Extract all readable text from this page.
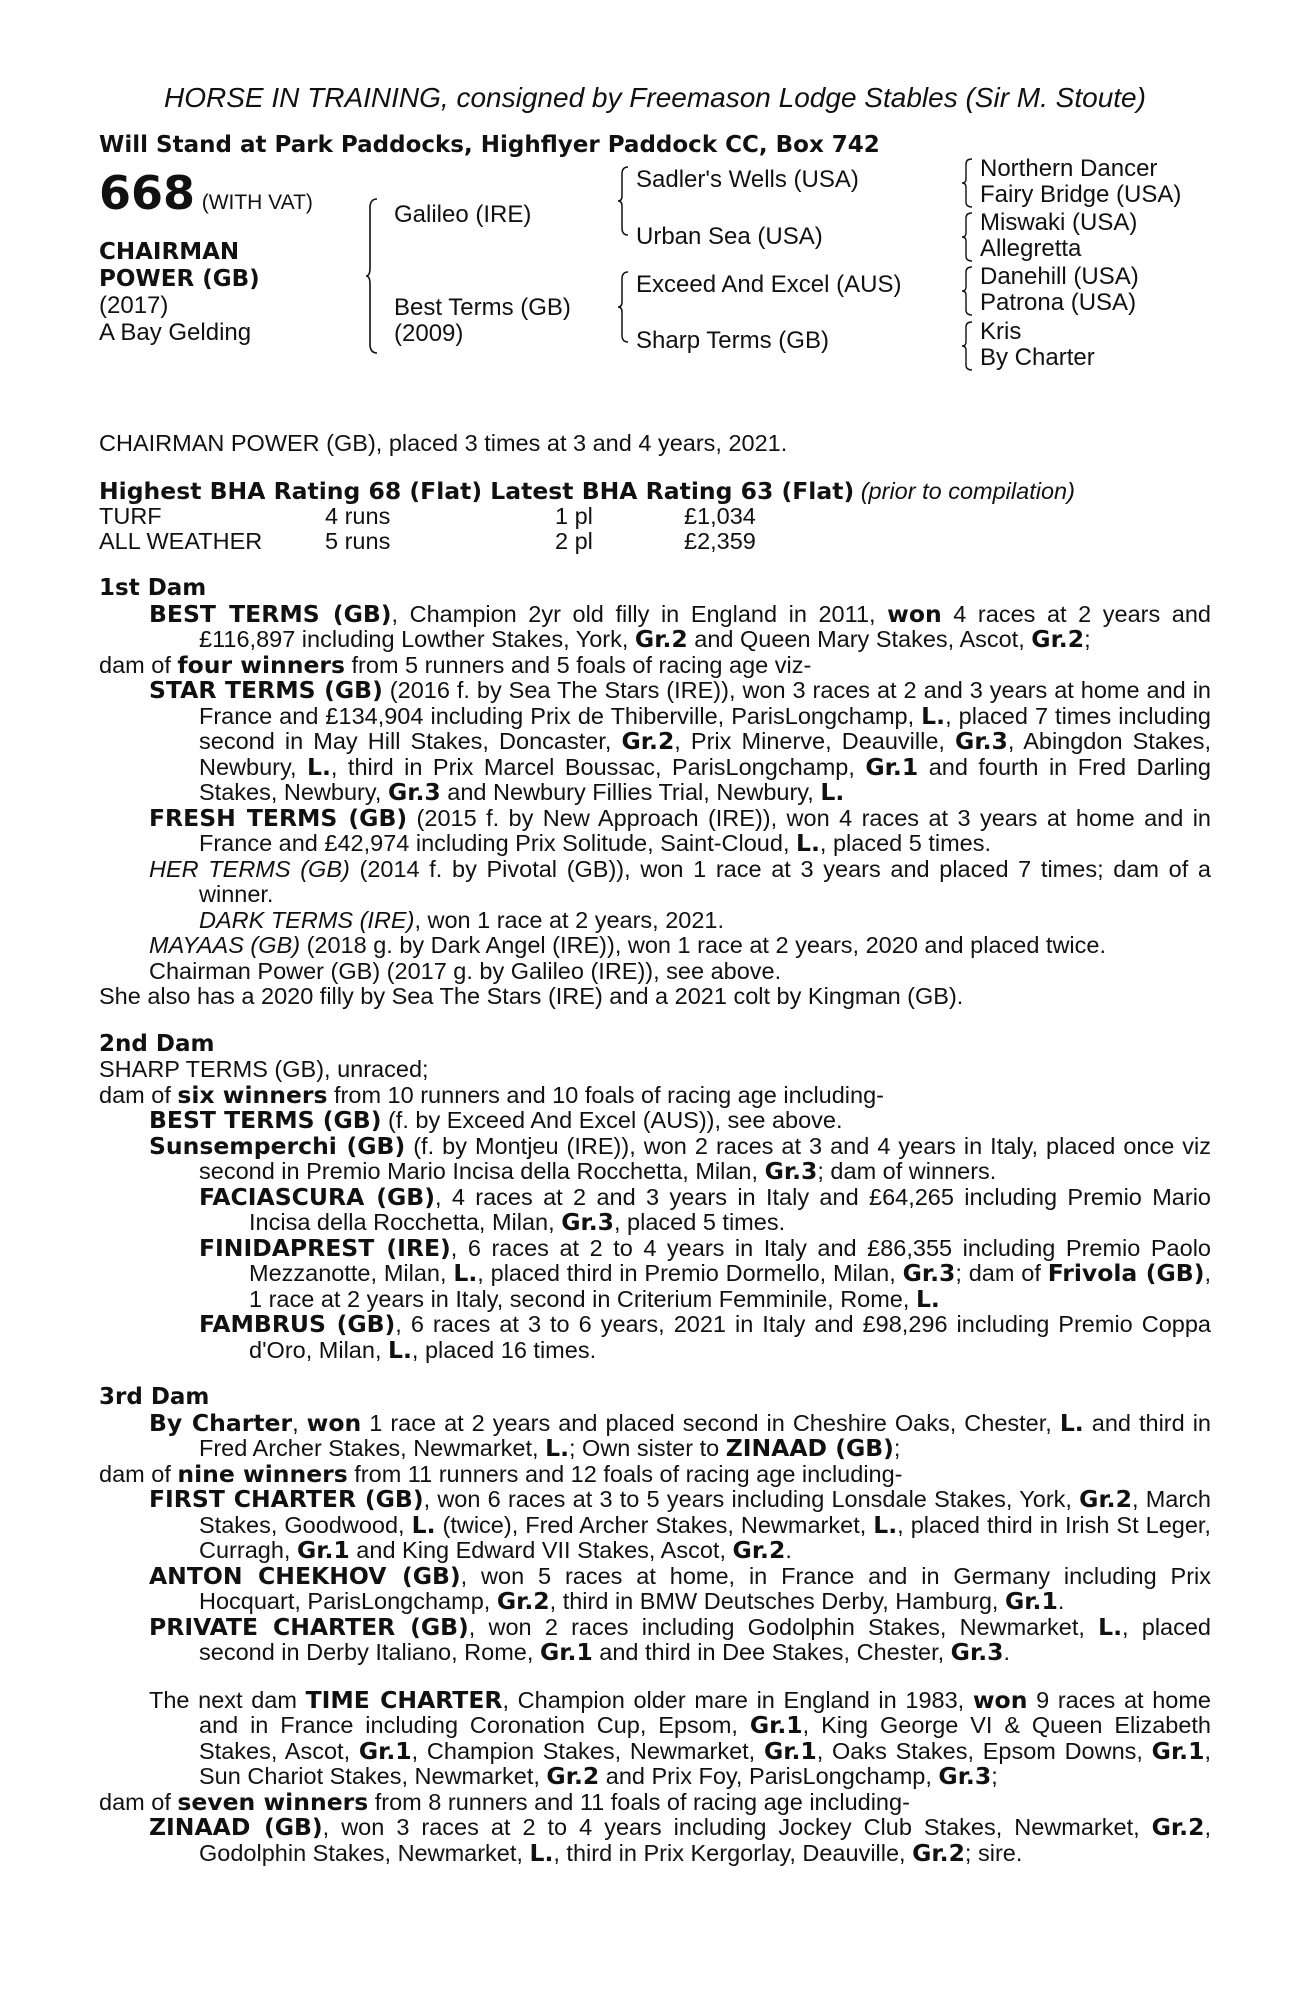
HORSE IN TRAINING, consigned by Freemason Lodge Stables (Sir M. Stoute)
Will Stand at Park Paddocks, Highflyer Paddock CC, Box 742
668 (WITH VAT)
CHAIRMAN
POWER (GB)
(2017)
A Bay Gelding
Galileo (IRE)
Best Terms (GB)
(2009)
Sadler's Wells (USA)
Urban Sea (USA)
Exceed And Excel (AUS)
Sharp Terms (GB)
Northern Dancer
Fairy Bridge (USA)
Miswaki (USA)
Allegretta
Danehill (USA)
Patrona (USA)
Kris
By Charter
CHAIRMAN POWER (GB), placed 3 times at 3 and 4 years, 2021.
Highest BHA Rating 68 (Flat) Latest BHA Rating 63 (Flat) (prior to compilation)
TURF	4 runs	1 pl	£1,034
ALL WEATHER	5 runs	2 pl	£2,359
1st Dam
BEST TERMS (GB), Champion 2yr old filly in England in 2011, won 4 races at 2 years and £116,897 including Lowther Stakes, York, Gr.2 and Queen Mary Stakes, Ascot, Gr.2;
dam of four winners from 5 runners and 5 foals of racing age viz-
STAR TERMS (GB) (2016 f. by Sea The Stars (IRE)), won 3 races at 2 and 3 years at home and in France and £134,904 including Prix de Thiberville, ParisLongchamp, L., placed 7 times including second in May Hill Stakes, Doncaster, Gr.2, Prix Minerve, Deauville, Gr.3, Abingdon Stakes, Newbury, L., third in Prix Marcel Boussac, ParisLongchamp, Gr.1 and fourth in Fred Darling Stakes, Newbury, Gr.3 and Newbury Fillies Trial, Newbury, L.
FRESH TERMS (GB) (2015 f. by New Approach (IRE)), won 4 races at 3 years at home and in France and £42,974 including Prix Solitude, Saint-Cloud, L., placed 5 times.
HER TERMS (GB) (2014 f. by Pivotal (GB)), won 1 race at 3 years and placed 7 times; dam of a winner.
DARK TERMS (IRE), won 1 race at 2 years, 2021.
MAYAAS (GB) (2018 g. by Dark Angel (IRE)), won 1 race at 2 years, 2020 and placed twice.
Chairman Power (GB) (2017 g. by Galileo (IRE)), see above.
She also has a 2020 filly by Sea The Stars (IRE) and a 2021 colt by Kingman (GB).
2nd Dam
SHARP TERMS (GB), unraced;
dam of six winners from 10 runners and 10 foals of racing age including-
BEST TERMS (GB) (f. by Exceed And Excel (AUS)), see above.
Sunsemperchi (GB) (f. by Montjeu (IRE)), won 2 races at 3 and 4 years in Italy, placed once viz second in Premio Mario Incisa della Rocchetta, Milan, Gr.3; dam of winners.
FACIASCURA (GB), 4 races at 2 and 3 years in Italy and £64,265 including Premio Mario Incisa della Rocchetta, Milan, Gr.3, placed 5 times.
FINIDAPREST (IRE), 6 races at 2 to 4 years in Italy and £86,355 including Premio Paolo Mezzanotte, Milan, L., placed third in Premio Dormello, Milan, Gr.3; dam of Frivola (GB), 1 race at 2 years in Italy, second in Criterium Femminile, Rome, L.
FAMBRUS (GB), 6 races at 3 to 6 years, 2021 in Italy and £98,296 including Premio Coppa d'Oro, Milan, L., placed 16 times.
3rd Dam
By Charter, won 1 race at 2 years and placed second in Cheshire Oaks, Chester, L. and third in Fred Archer Stakes, Newmarket, L.; Own sister to ZINAAD (GB);
dam of nine winners from 11 runners and 12 foals of racing age including-
FIRST CHARTER (GB), won 6 races at 3 to 5 years including Lonsdale Stakes, York, Gr.2, March Stakes, Goodwood, L. (twice), Fred Archer Stakes, Newmarket, L., placed third in Irish St Leger, Curragh, Gr.1 and King Edward VII Stakes, Ascot, Gr.2.
ANTON CHEKHOV (GB), won 5 races at home, in France and in Germany including Prix Hocquart, ParisLongchamp, Gr.2, third in BMW Deutsches Derby, Hamburg, Gr.1.
PRIVATE CHARTER (GB), won 2 races including Godolphin Stakes, Newmarket, L., placed second in Derby Italiano, Rome, Gr.1 and third in Dee Stakes, Chester, Gr.3.
The next dam TIME CHARTER, Champion older mare in England in 1983, won 9 races at home and in France including Coronation Cup, Epsom, Gr.1, King George VI & Queen Elizabeth Stakes, Ascot, Gr.1, Champion Stakes, Newmarket, Gr.1, Oaks Stakes, Epsom Downs, Gr.1, Sun Chariot Stakes, Newmarket, Gr.2 and Prix Foy, ParisLongchamp, Gr.3;
dam of seven winners from 8 runners and 11 foals of racing age including-
ZINAAD (GB), won 3 races at 2 to 4 years including Jockey Club Stakes, Newmarket, Gr.2, Godolphin Stakes, Newmarket, L., third in Prix Kergorlay, Deauville, Gr.2; sire.
